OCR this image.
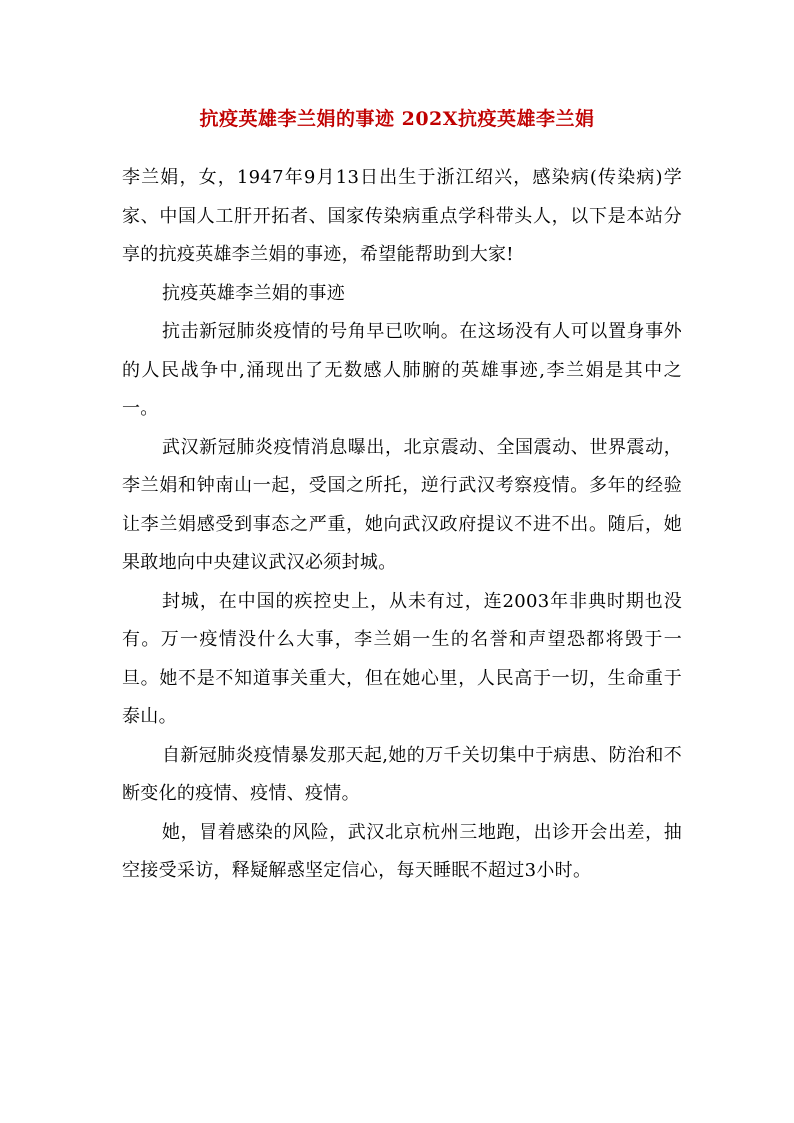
抗疫英雄李兰娟的事迹 202X抗疫英雄李兰娟

李兰娟，女，1947年9月13日出生于浙江绍兴，感染病(传染病)学家、中国人工肝开拓者、国家传染病重点学科带头人，以下是本站分享的抗疫英雄李兰娟的事迹，希望能帮助到大家!

抗疫英雄李兰娟的事迹

抗击新冠肺炎疫情的号角早已吹响。在这场没有人可以置身事外的人民战争中,涌现出了无数感人肺腑的英雄事迹,李兰娟是其中之一。

武汉新冠肺炎疫情消息曝出，北京震动、全国震动、世界震动，李兰娟和钟南山一起，受国之所托，逆行武汉考察疫情。多年的经验让李兰娟感受到事态之严重，她向武汉政府提议不进不出。随后，她果敢地向中央建议武汉必须封城。

封城，在中国的疾控史上，从未有过，连2003年非典时期也没有。万一疫情没什么大事，李兰娟一生的名誉和声望恐都将毁于一旦。她不是不知道事关重大，但在她心里，人民高于一切，生命重于泰山。

自新冠肺炎疫情暴发那天起,她的万千关切集中于病患、防治和不断变化的疫情、疫情、疫情。

她，冒着感染的风险，武汉北京杭州三地跑，出诊开会出差，抽空接受采访，释疑解惑坚定信心，每天睡眠不超过3小时。
